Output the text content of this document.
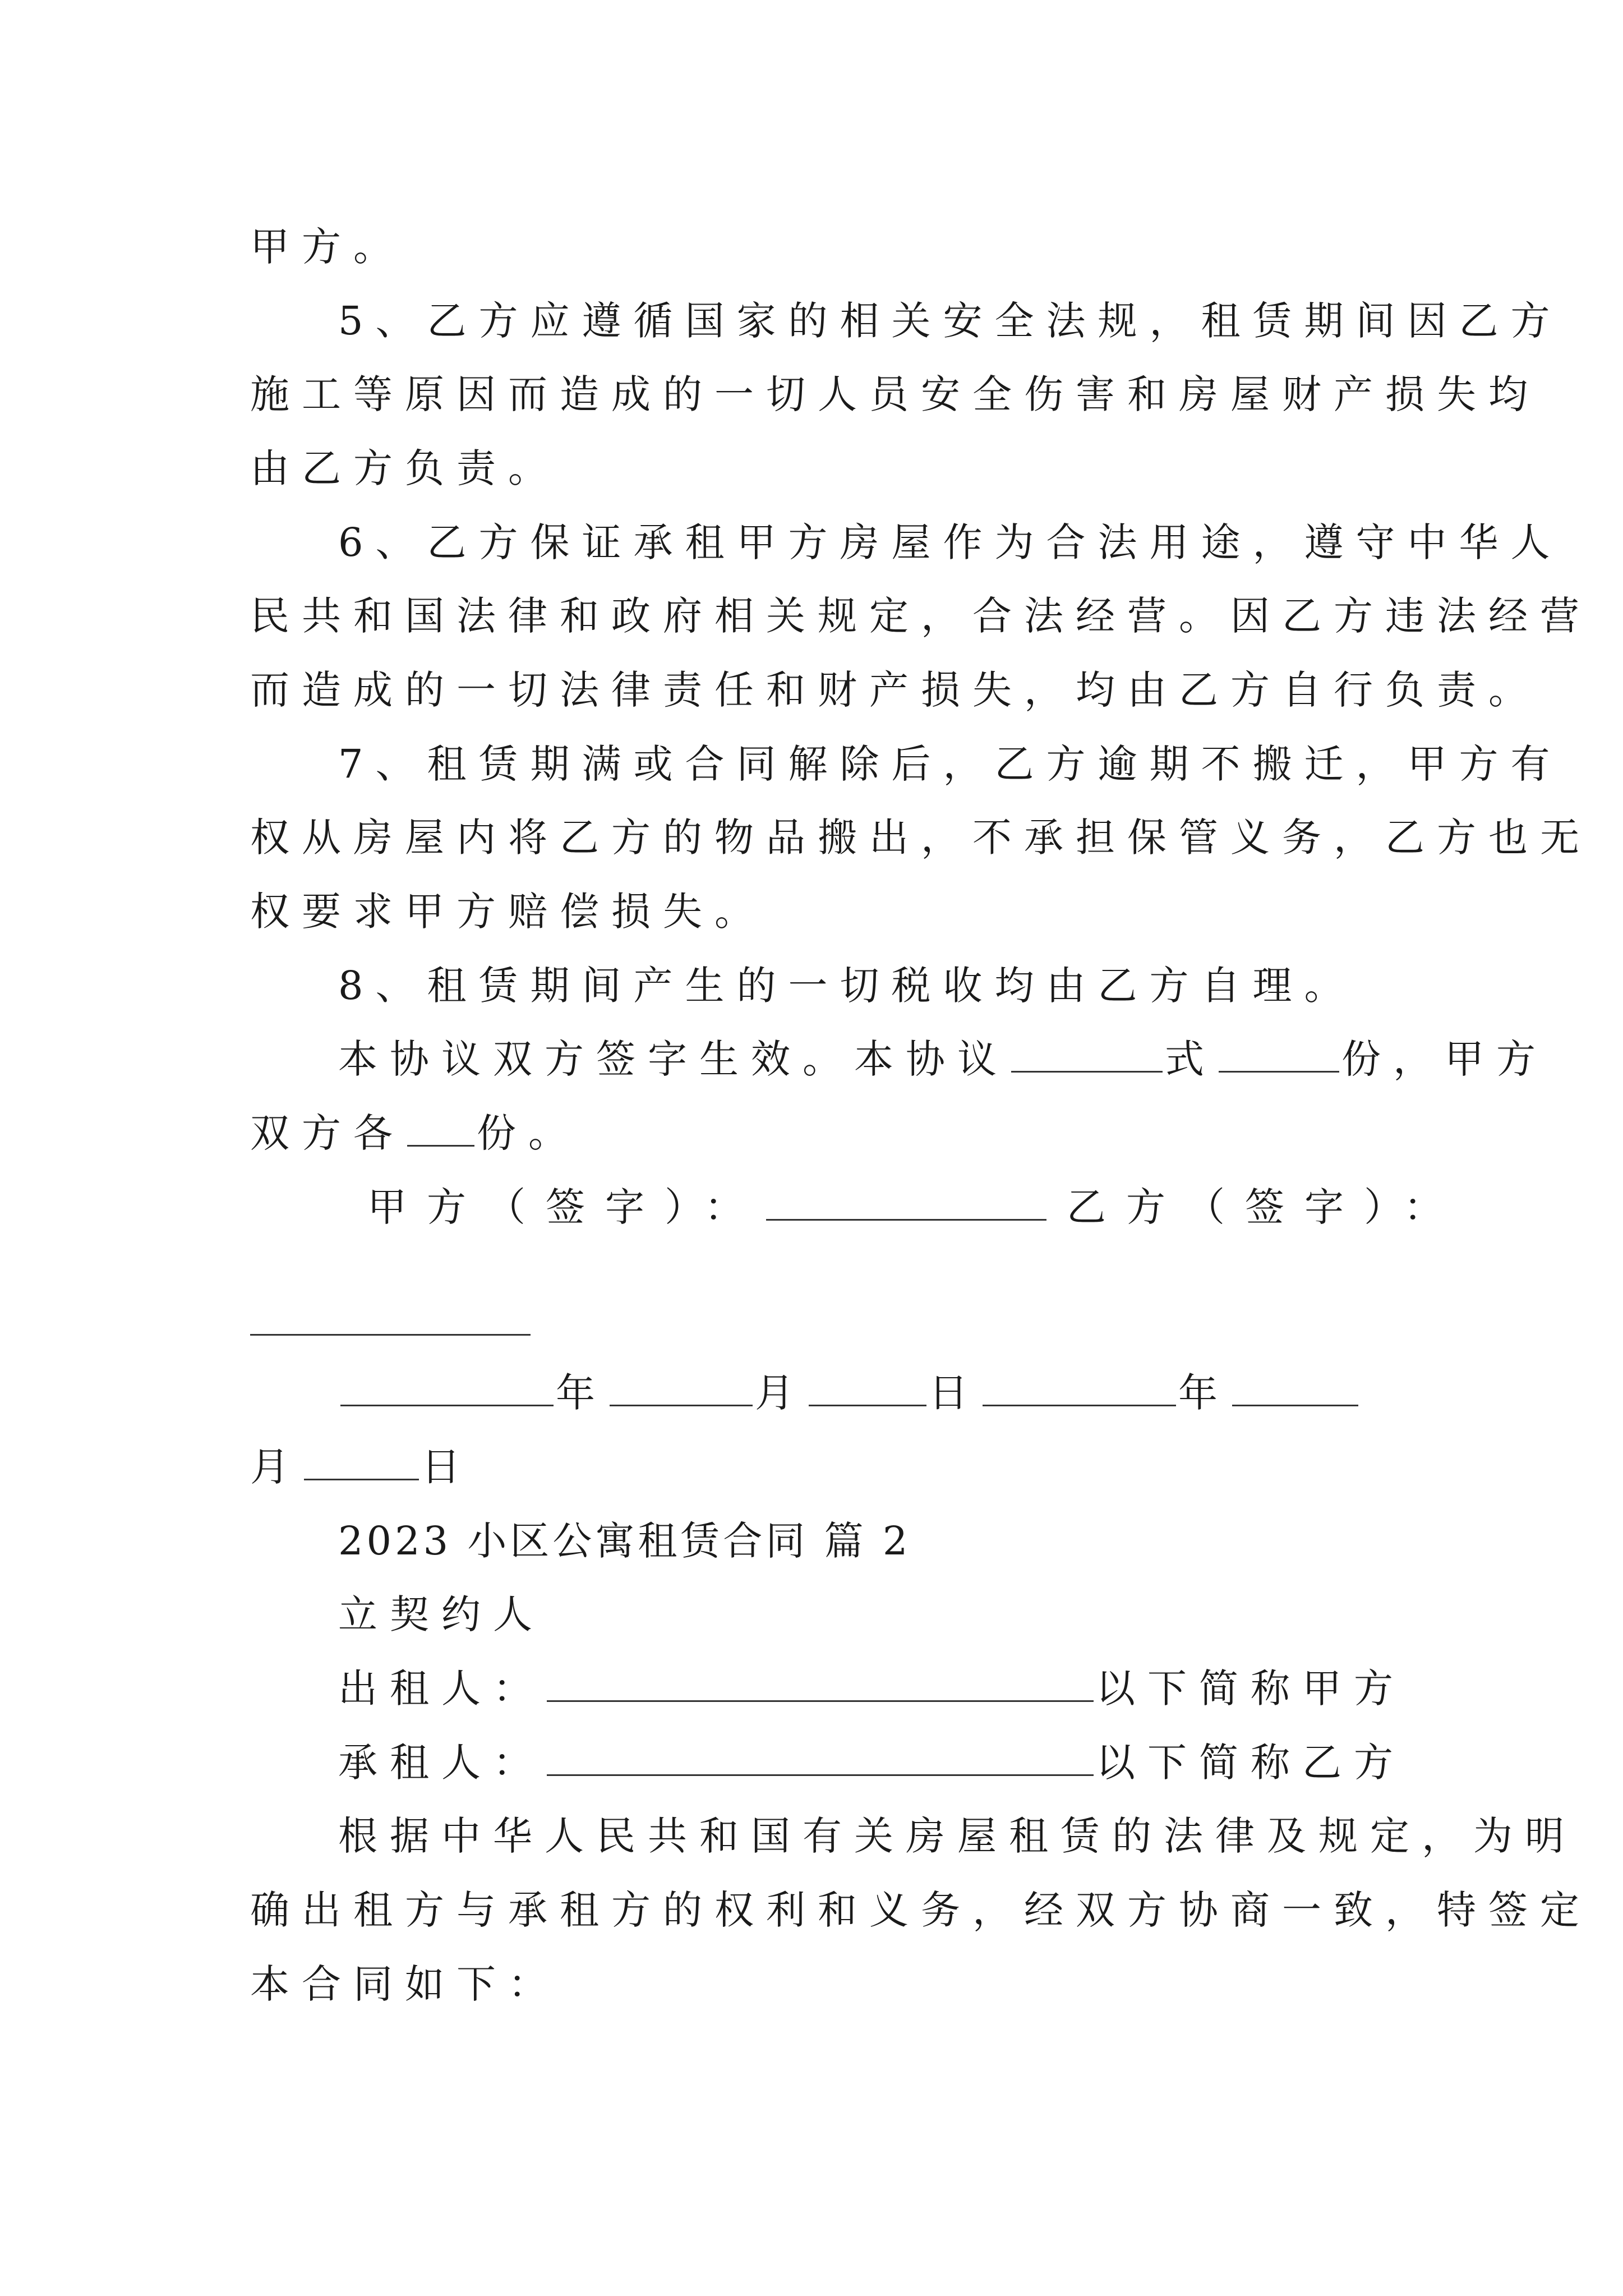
甲方。
5、乙方应遵循国家的相关安全法规，租赁期间因乙方
施工等原因而造成的一切人员安全伤害和房屋财产损失均
由乙方负责。
6、乙方保证承租甲方房屋作为合法用途，遵守中华人
民共和国法律和政府相关规定，合法经营。因乙方违法经营
而造成的一切法律责任和财产损失，均由乙方自行负责。
7、租赁期满或合同解除后，乙方逾期不搬迁，甲方有
权从房屋内将乙方的物品搬出，不承担保管义务，乙方也无
权要求甲方赔偿损失。
8、租赁期间产生的一切税收均由乙方自理。
本协议双方签字生效。本协议	式	份，甲方
双方各 份。
甲方（签字）：	乙方（签字）：
年	月	日	年
月	日
2023 小区公寓租赁合同 篇 2
立契约人
出租人：	以下简称甲方
承租人：	以下简称乙方
根据中华人民共和国有关房屋租赁的法律及规定，为明
确出租方与承租方的权利和义务，经双方协商一致，特签定
本合同如下：
